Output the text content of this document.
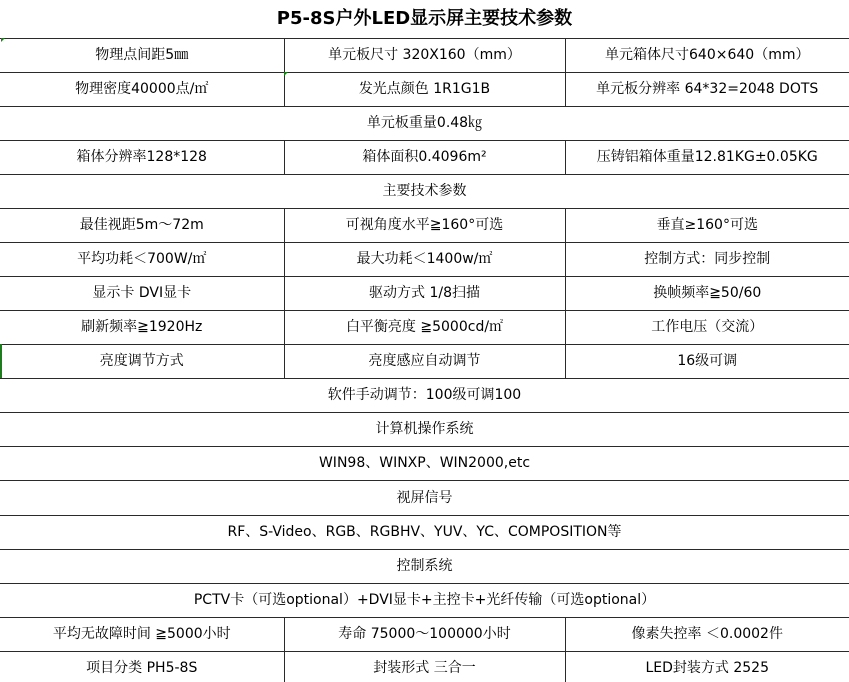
P5-8S户外LED显示屏主要技术参数		
物理点间距5㎜	单元板尺寸 320X160（mm）	单元箱体尺寸640×640（mm）
物理密度40000点/㎡	发光点颜色 1R1G1B	单元板分辨率 64*32=2048 DOTS
单元板重量0.48㎏		
箱体分辨率128*128	箱体面积0.4096m²	压铸铝箱体重量12.81KG±0.05KG
主要技术参数		
最佳视距5m～72m	可视角度水平≧160°可选	垂直≥160°可选
平均功耗＜700W/㎡	最大功耗＜1400w/㎡	控制方式：同步控制
显示卡 DVI显卡	驱动方式 1/8扫描	换帧频率≧50/60
刷新频率≧1920Hz	白平衡亮度 ≧5000cd/㎡	工作电压（交流）
亮度调节方式	亮度感应自动调节	16级可调
软件手动调节：100级可调100		
计算机操作系统		
WIN98、WINXP、WIN2000,etc		
视屏信号		
RF、S-Video、RGB、RGBHV、YUV、YC、COMPOSITION等		
控制系统		
PCTV卡（可选optional）+DVI显卡+主控卡+光纤传输（可选optional）		
平均无故障时间 ≧5000小时	寿命 75000～100000小时	像素失控率 ＜0.0002件
项目分类 PH5-8S	封装形式 三合一	LED封装方式 2525
